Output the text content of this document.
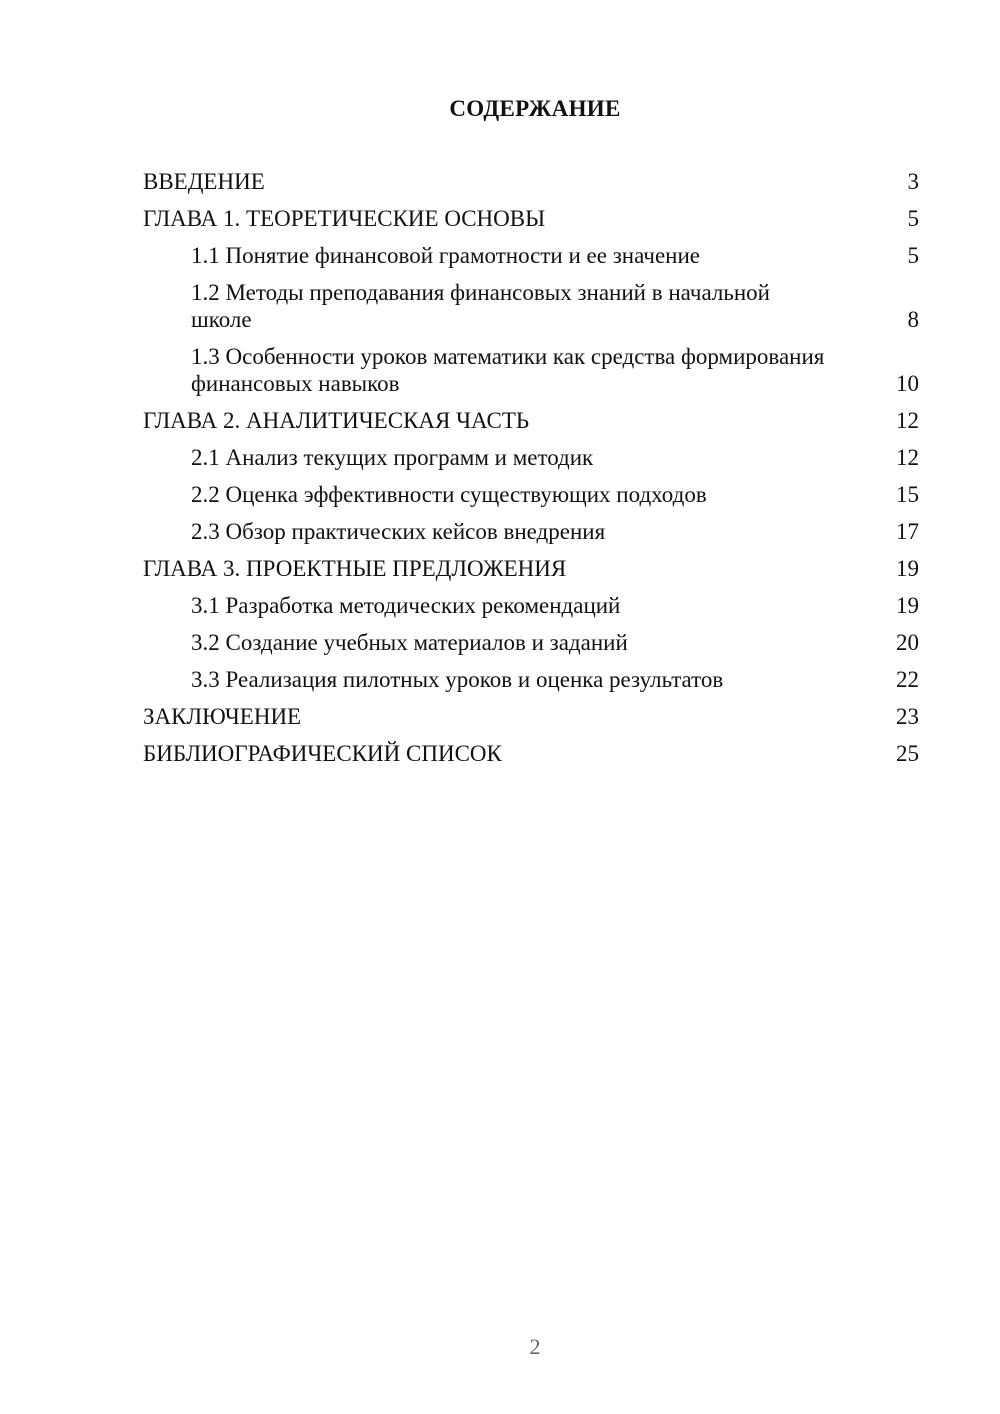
СОДЕРЖАНИЕ
ВВЕДЕНИЕ	3
ГЛАВА 1. ТЕОРЕТИЧЕСКИЕ ОСНОВЫ	5
1.1 Понятие финансовой грамотности и ее значение	5
1.2 Методы преподавания финансовых знаний в начальной школе	8
1.3 Особенности уроков математики как средства формирования финансовых навыков	10
ГЛАВА 2. АНАЛИТИЧЕСКАЯ ЧАСТЬ	12
2.1 Анализ текущих программ и методик	12
2.2 Оценка эффективности существующих подходов	15
2.3 Обзор практических кейсов внедрения	17
ГЛАВА 3. ПРОЕКТНЫЕ ПРЕДЛОЖЕНИЯ	19
3.1 Разработка методических рекомендаций	19
3.2 Создание учебных материалов и заданий	20
3.3 Реализация пилотных уроков и оценка результатов	22
ЗАКЛЮЧЕНИЕ	23
БИБЛИОГРАФИЧЕСКИЙ СПИСОК	25
2
